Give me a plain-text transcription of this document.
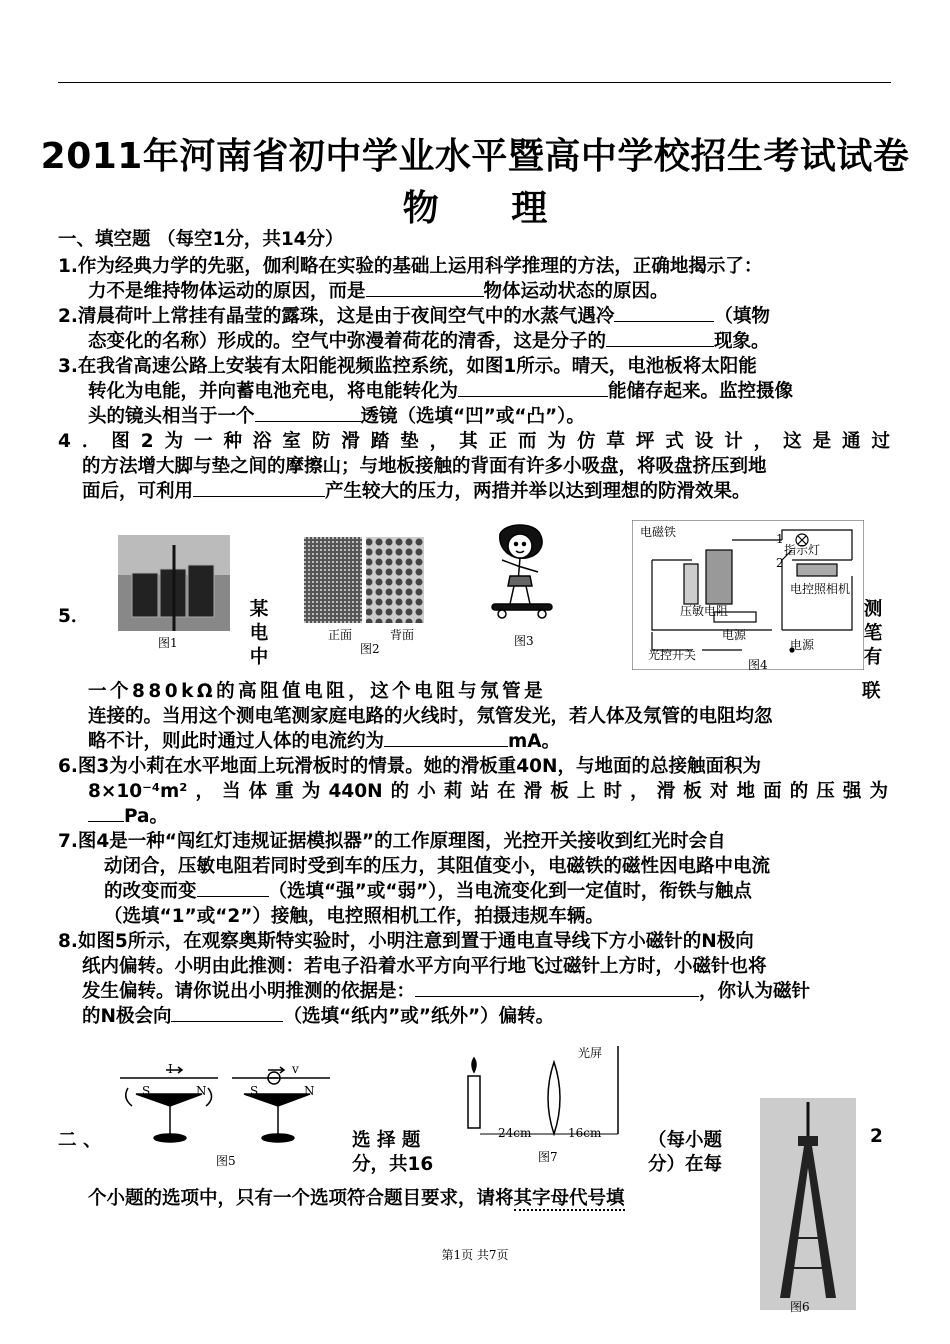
2011年河南省初中学业水平暨高中学校招生考试试卷
物 理
一、填空题 （每空1分，共14分）
1.作为经典力学的先驱，伽利略在实验的基础上运用科学推理的方法，正确地揭示了：
力不是维持物体运动的原因，而是	物体运动状态的原因。
2.清晨荷叶上常挂有晶莹的露珠，这是由于夜间空气中的水蒸气遇冷	（填物
态变化的名称）形成的。空气中弥漫着荷花的清香，这是分子的	现象。
3.在我省高速公路上安装有太阳能视频监控系统，如图1所示。晴天，电池板将太阳能
转化为电能，并向蓄电池充电，将电能转化为	能储存起来。监控摄像
头的镜头相当于一个	透镜（选填“凹”或“凸”）。
4．图2为一种浴室防滑踏垫，其正而为仿草坪式设计，这是通过
的方法增大脚与垫之间的摩擦山；与地板接触的背面有许多小吸盘，将吸盘挤压到地
面后，可利用	产生较大的压力，两措并举以达到理想的防滑效果。
图1
正面	背面
图2
图3
电磁铁
指示灯
电控照相机
压敏电阻
电源
光控开关
电源
1
2
图4
5．	某
电
中
测
笔
有
一个880kΩ的高阻值电阻，这个电阻与氖管是	联
连接的。当用这个测电笔测家庭电路的火线时，氖管发光，若人体及氖管的电阻均忽
略不计，则此时通过人体的电流约为	mA。
6.图3为小莉在水平地面上玩滑板时的情景。她的滑板重40N，与地面的总接触面积为
8×10⁻⁴m²，当体重为440N的小莉站在滑板上时，滑板对地面的压强为
Pa。
7.图4是一种“闯红灯违规证据模拟器”的工作原理图，光控开关接收到红光时会自
动闭合，压敏电阻若同时受到车的压力，其阻值变小，电磁铁的磁性因电路中电流
的改变而变	（选填“强”或“弱”），当电流变化到一定值时，衔铁与触点
（选填“1”或“2”）接触，电控照相机工作，拍摄违规车辆。
8.如图5所示，在观察奥斯特实验时，小明注意到置于通电直导线下方小磁针的N极向
纸内偏转。小明由此推测：若电子沿着水平方向平行地飞过磁针上方时，小磁针也将
发生偏转。请你说出小明推测的依据是：	，你认为磁针
的N极会向	（选填“纸内”或”纸外”）偏转。
I
S	N
v
S	N
图5
光屏
24cm	16cm
图7
图6
二 、	选 择 题
分，共16
（每小题
分）在每
2
个小题的选项中，只有一个选项符合题目要求，请将其字母代号填
第1页 共7页
